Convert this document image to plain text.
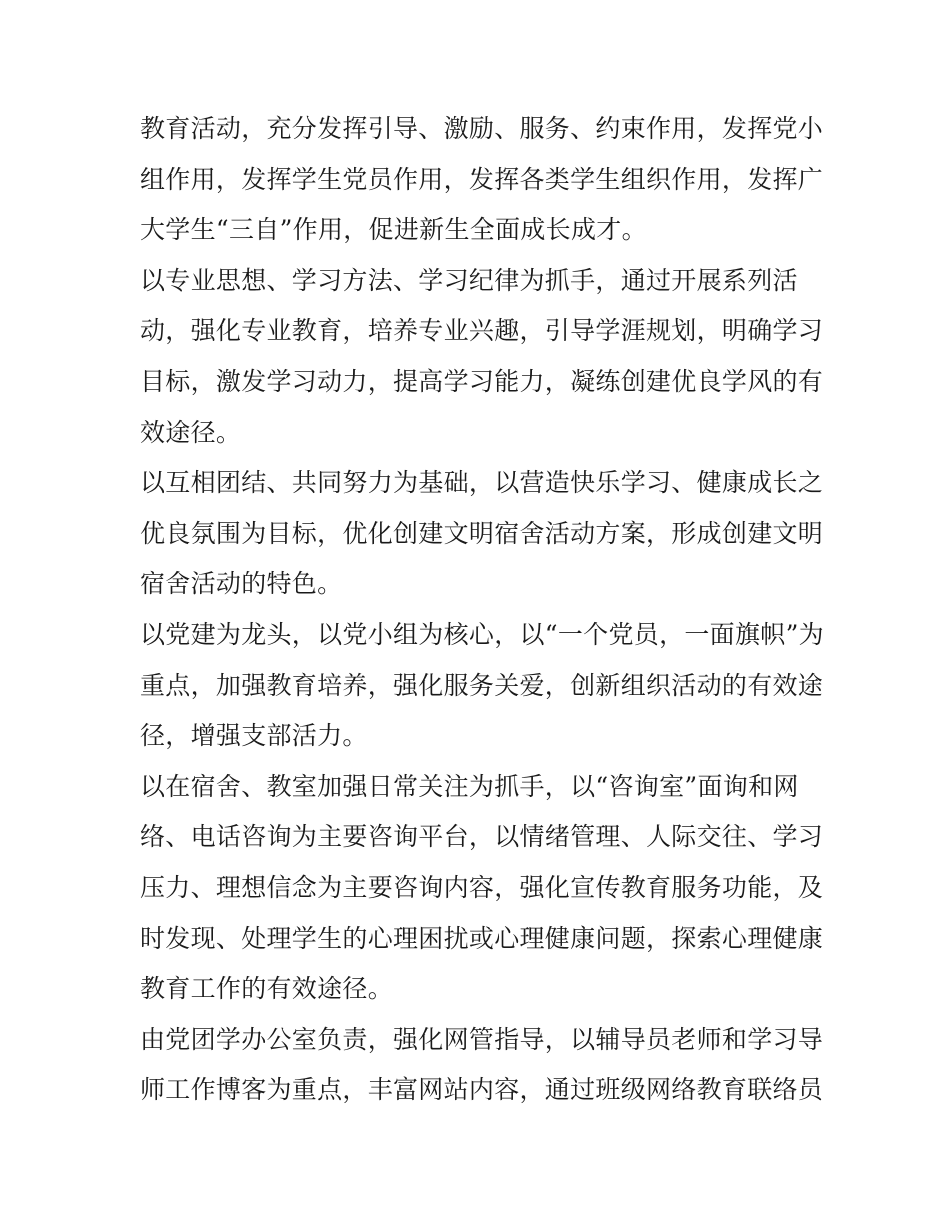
教育活动，充分发挥引导、激励、服务、约束作用，发挥党小
组作用，发挥学生党员作用，发挥各类学生组织作用，发挥广
大学生“三自”作用，促进新生全面成长成才。

以专业思想、学习方法、学习纪律为抓手，通过开展系列活
动，强化专业教育，培养专业兴趣，引导学涯规划，明确学习
目标，激发学习动力，提高学习能力，凝练创建优良学风的有
效途径。

以互相团结、共同努力为基础，以营造快乐学习、健康成长之
优良氛围为目标，优化创建文明宿舍活动方案，形成创建文明
宿舍活动的特色。

以党建为龙头，以党小组为核心，以“一个党员，一面旗帜”为
重点，加强教育培养，强化服务关爱，创新组织活动的有效途
径，增强支部活力。

以在宿舍、教室加强日常关注为抓手，以“咨询室”面询和网
络、电话咨询为主要咨询平台，以情绪管理、人际交往、学习
压力、理想信念为主要咨询内容，强化宣传教育服务功能，及
时发现、处理学生的心理困扰或心理健康问题，探索心理健康
教育工作的有效途径。

由党团学办公室负责，强化网管指导，以辅导员老师和学习导
师工作博客为重点，丰富网站内容，通过班级网络教育联络员
